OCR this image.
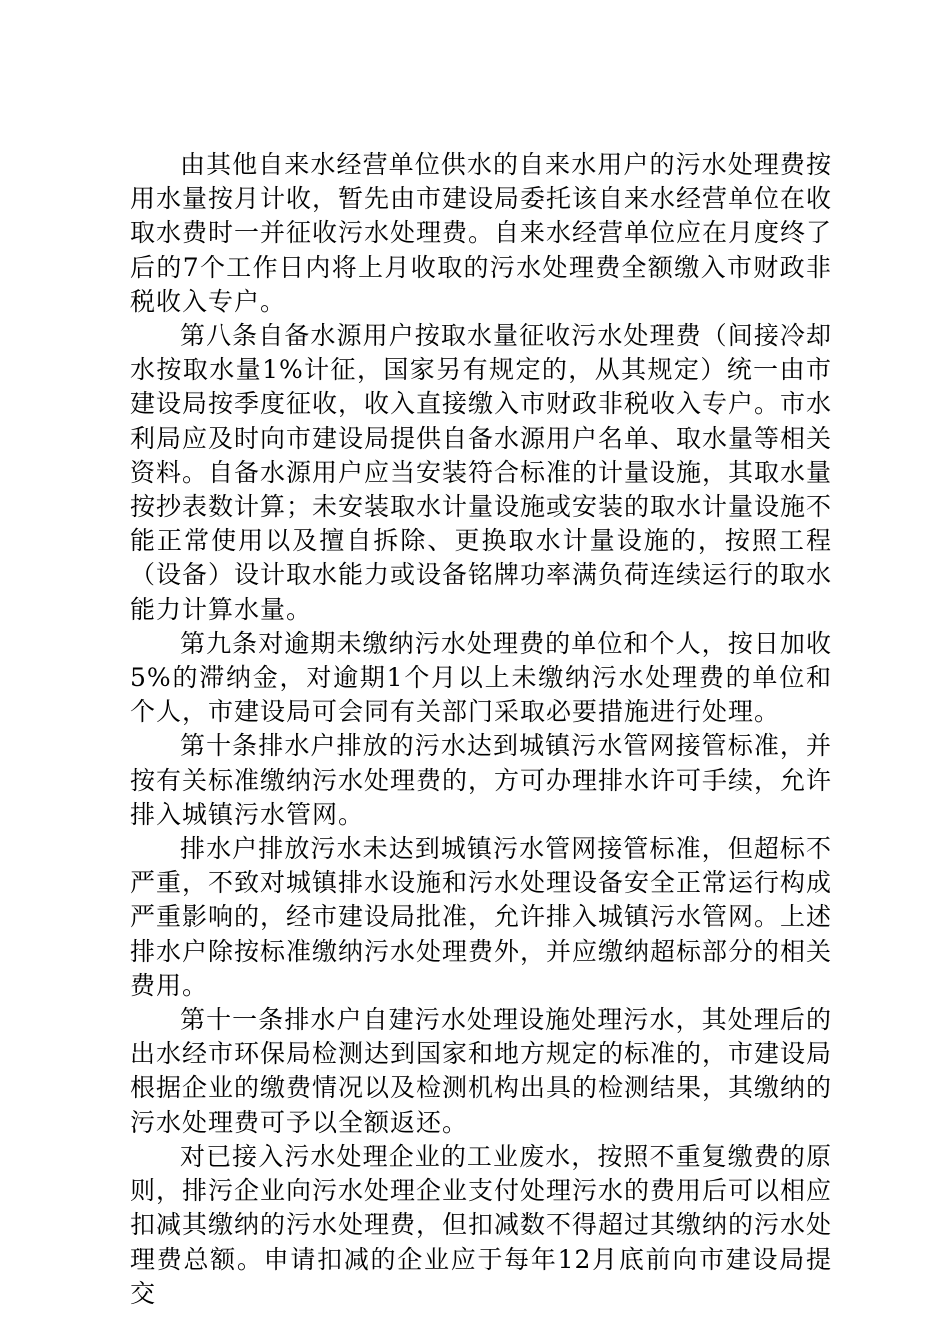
由其他自来水经营单位供水的自来水用户的污水处理费按用水量按月计收，暂先由市建设局委托该自来水经营单位在收取水费时一并征收污水处理费。自来水经营单位应在月度终了后的7个工作日内将上月收取的污水处理费全额缴入市财政非税收入专户。

第八条自备水源用户按取水量征收污水处理费（间接冷却水按取水量1%计征，国家另有规定的，从其规定）统一由市建设局按季度征收，收入直接缴入市财政非税收入专户。市水利局应及时向市建设局提供自备水源用户名单、取水量等相关资料。自备水源用户应当安装符合标准的计量设施，其取水量按抄表数计算；未安装取水计量设施或安装的取水计量设施不能正常使用以及擅自拆除、更换取水计量设施的，按照工程（设备）设计取水能力或设备铭牌功率满负荷连续运行的取水能力计算水量。

第九条对逾期未缴纳污水处理费的单位和个人，按日加收5%的滞纳金，对逾期1个月以上未缴纳污水处理费的单位和个人，市建设局可会同有关部门采取必要措施进行处理。

第十条排水户排放的污水达到城镇污水管网接管标准，并按有关标准缴纳污水处理费的，方可办理排水许可手续，允许排入城镇污水管网。

排水户排放污水未达到城镇污水管网接管标准，但超标不严重，不致对城镇排水设施和污水处理设备安全正常运行构成严重影响的，经市建设局批准，允许排入城镇污水管网。上述排水户除按标准缴纳污水处理费外，并应缴纳超标部分的相关费用。

第十一条排水户自建污水处理设施处理污水，其处理后的出水经市环保局检测达到国家和地方规定的标准的，市建设局根据企业的缴费情况以及检测机构出具的检测结果，其缴纳的污水处理费可予以全额返还。

对已接入污水处理企业的工业废水，按照不重复缴费的原则，排污企业向污水处理企业支付处理污水的费用后可以相应扣减其缴纳的污水处理费，但扣减数不得超过其缴纳的污水处理费总额。申请扣减的企业应于每年12月底前向市建设局提交
